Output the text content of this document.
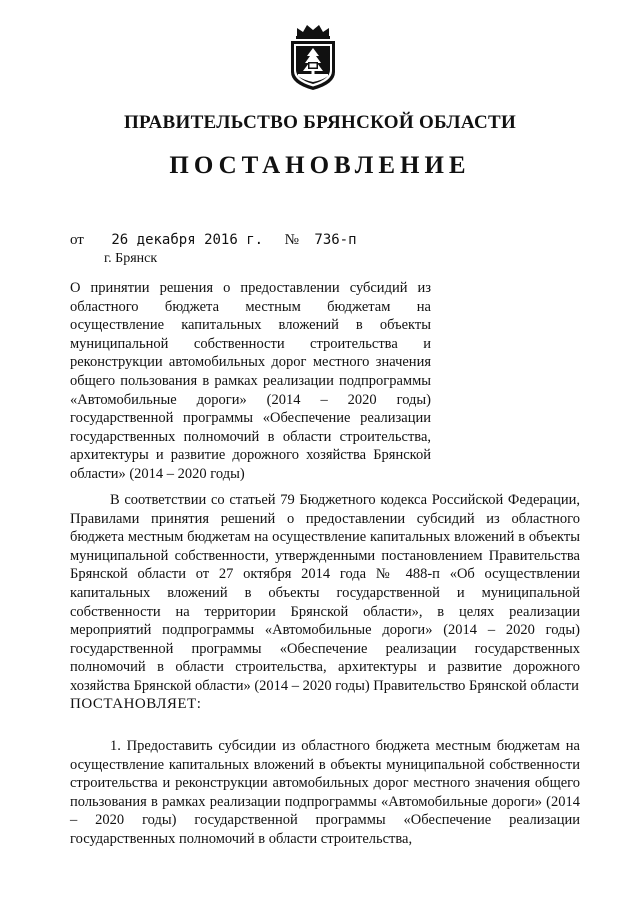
ПРАВИТЕЛЬСТВО БРЯНСКОЙ ОБЛАСТИ
ПОСТАНОВЛЕНИЕ
от 26 декабря 2016 г. № 736-п
г. Брянск
О принятии решения о предоставлении субсидий из областного бюджета местным бюджетам на осуществление капитальных вложений в объекты муниципальной собственности строительства и реконструкции автомобильных дорог местного значения общего пользования в рамках реализации подпрограммы «Автомобильные дороги» (2014 – 2020 годы) государственной программы «Обеспечение реализации государственных полномочий в области строительства, архитектуры и развитие дорожного хозяйства Брянской области» (2014 – 2020 годы)
В соответствии со статьей 79 Бюджетного кодекса Российской Федерации, Правилами принятия решений о предоставлении субсидий из областного бюджета местным бюджетам на осуществление капитальных вложений в объекты муниципальной собственности, утвержденными постановлением Правительства Брянской области от 27 октября 2014 года № 488-п «Об осуществлении капитальных вложений в объекты государственной и муниципальной собственности на территории Брянской области», в целях реализации мероприятий подпрограммы «Автомобильные дороги» (2014 – 2020 годы) государственной программы «Обеспечение реализации государственных полномочий в области строительства, архитектуры и развитие дорожного хозяйства Брянской области» (2014 – 2020 годы) Правительство Брянской области
ПОСТАНОВЛЯЕТ:
1. Предоставить субсидии из областного бюджета местным бюджетам на осуществление капитальных вложений в объекты муниципальной собственности строительства и реконструкции автомобильных дорог местного значения общего пользования в рамках реализации подпрограммы «Автомобильные дороги» (2014 – 2020 годы) государственной программы «Обеспечение реализации государственных полномочий в области строительства,
